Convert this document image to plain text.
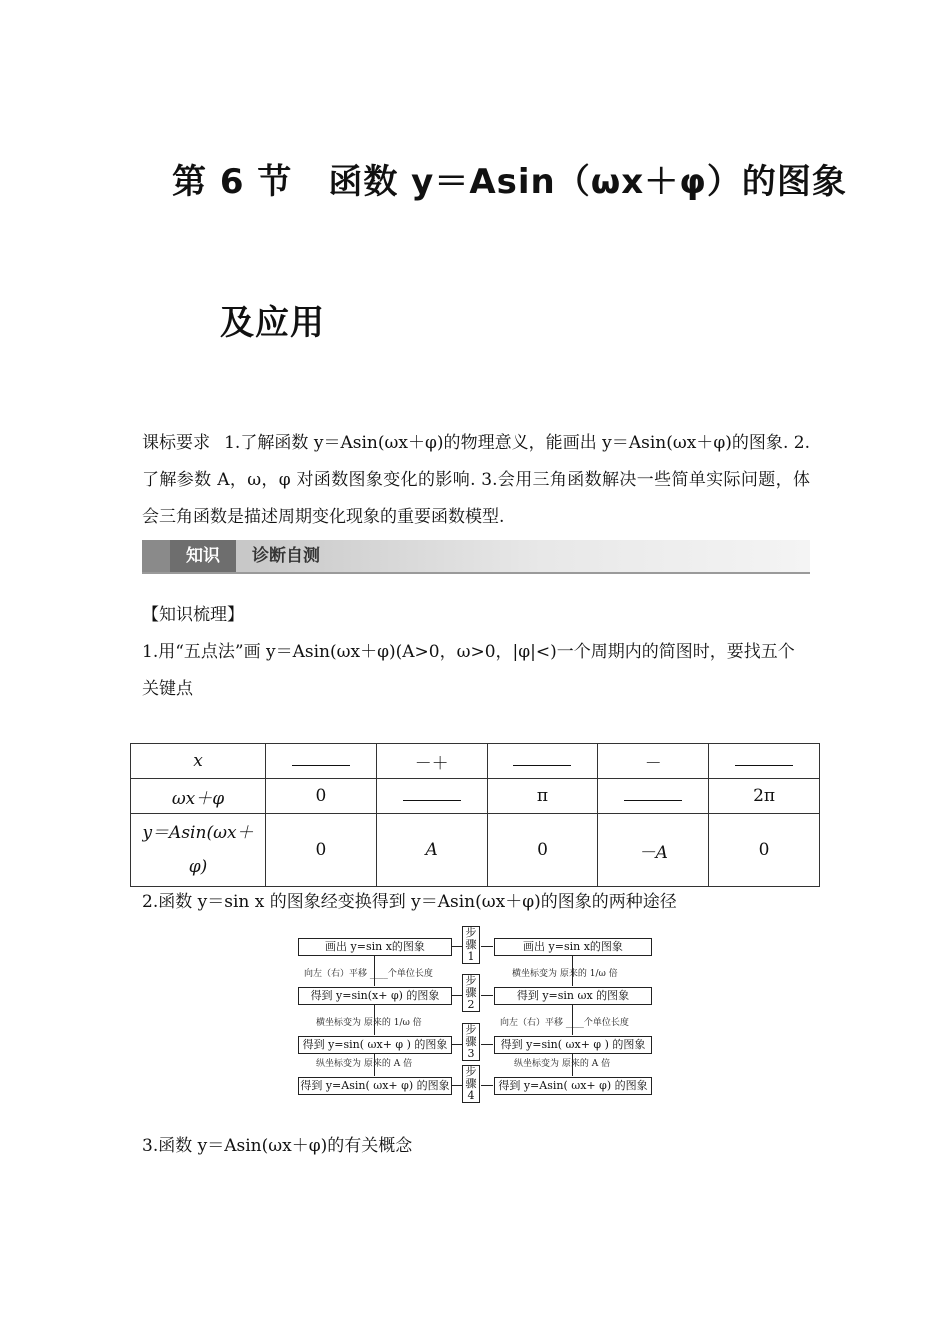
第 6 节 函数 y＝Asin（ωx＋φ）的图象
及应用
课标要求 1.了解函数 y＝Asin(ωx＋φ)的物理意义，能画出 y＝Asin(ωx＋φ)的图象. 2.了解参数 A，ω，φ 对函数图象变化的影响. 3.会用三角函数解决一些简单实际问题，体会三角函数是描述周期变化现象的重要函数模型.
知识	诊断自测
【知识梳理】
1.用“五点法”画 y＝Asin(ωx＋φ)(A>0，ω>0，|φ|<)一个周期内的简图时，要找五个关键点
x		－＋		－	
ωx＋φ	0		π		2π
y＝Asin(ωx＋φ)	0	A	0	－A	0
2.函数 y＝sin x 的图象经变换得到 y＝Asin(ωx＋φ)的图象的两种途径
画出 y=sin x的图象
得到 y=sin(x+ φ) 的图象
得到 y=sin( ωx+ φ ) 的图象
得到 y=Asin( ωx+ φ) 的图象
画出 y=sin x的图象
得到 y=sin ωx 的图象
得到 y=sin( ωx+ φ ) 的图象
得到 y=Asin( ωx+ φ) 的图象
步骤1
步骤2
步骤3
步骤4
向左（右）平移 ____个单位长度
横坐标变为 原来的 1/ω 倍
纵坐标变为 原来的 A 倍
横坐标变为 原来的 1/ω 倍
向左（右）平移 ____个单位长度
纵坐标变为 原来的 A 倍
3.函数 y＝Asin(ωx＋φ)的有关概念
